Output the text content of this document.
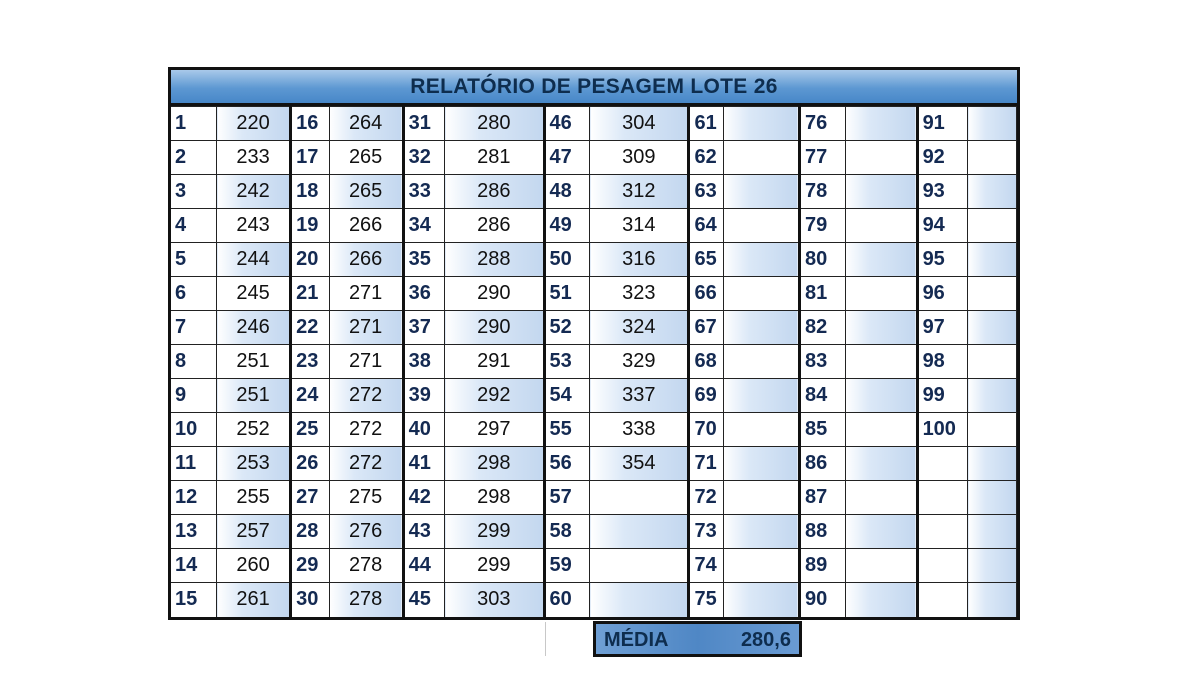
RELATÓRIO DE PESAGEM LOTE 26
1	220	16	264	31	280	46	304	61		76		91	
2	233	17	265	32	281	47	309	62		77		92	
3	242	18	265	33	286	48	312	63		78		93	
4	243	19	266	34	286	49	314	64		79		94	
5	244	20	266	35	288	50	316	65		80		95	
6	245	21	271	36	290	51	323	66		81		96	
7	246	22	271	37	290	52	324	67		82		97	
8	251	23	271	38	291	53	329	68		83		98	
9	251	24	272	39	292	54	337	69		84		99	
10	252	25	272	40	297	55	338	70		85		100	
11	253	26	272	41	298	56	354	71		86			
12	255	27	275	42	298	57		72		87			
13	257	28	276	43	299	58		73		88			
14	260	29	278	44	299	59		74		89			
15	261	30	278	45	303	60		75		90			
MÉDIA	280,6
